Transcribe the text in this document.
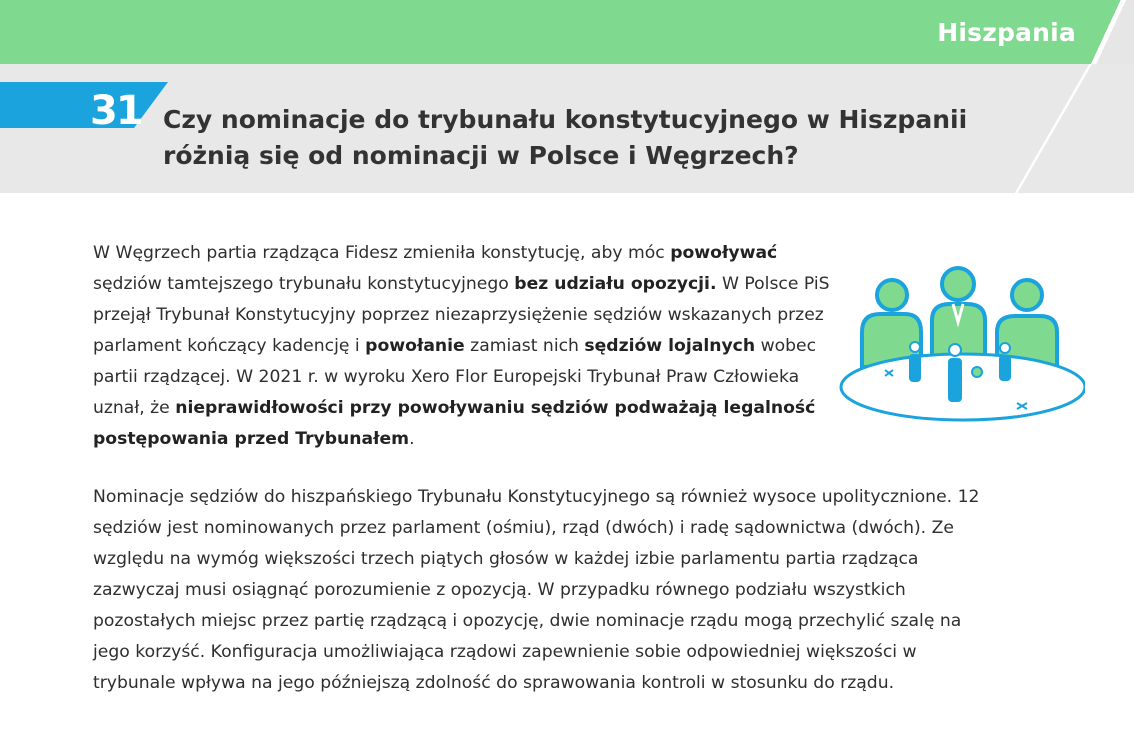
Hiszpania
31 Czy nominacje do trybunału konstytucyjnego w Hiszpanii różnią się od nominacji w Polsce i Węgrzech?
W Węgrzech partia rządząca Fidesz zmieniła konstytucję, aby móc powoływać sędziów tamtejszego trybunału konstytucyjnego bez udziału opozycji. W Polsce PiS przejął Trybunał Konstytucyjny poprzez niezaprzysiężenie sędziów wskazanych przez parlament kończący kadencję i powołanie zamiast nich sędziów lojalnych wobec partii rządzącej. W 2021 r. w wyroku Xero Flor Europejski Trybunał Praw Człowieka uznał, że nieprawidłowości przy powoływaniu sędziów podważają legalność postępowania przed Trybunałem.
Nominacje sędziów do hiszpańskiego Trybunału Konstytucyjnego są również wysoce upolitycznione. 12 sędziów jest nominowanych przez parlament (ośmiu), rząd (dwóch) i radę sądownictwa (dwóch). Ze względu na wymóg większości trzech piątych głosów w każdej izbie parlamentu partia rządząca zazwyczaj musi osiągnąć porozumienie z opozycją. W przypadku równego podziału wszystkich pozostałych miejsc przez partię rządzącą i opozycję, dwie nominacje rządu mogą przechylić szalę na jego korzyść. Konfiguracja umożliwiająca rządowi zapewnienie sobie odpowiedniej większości w trybunale wpływa na jego późniejszą zdolność do sprawowania kontroli w stosunku do rządu.
